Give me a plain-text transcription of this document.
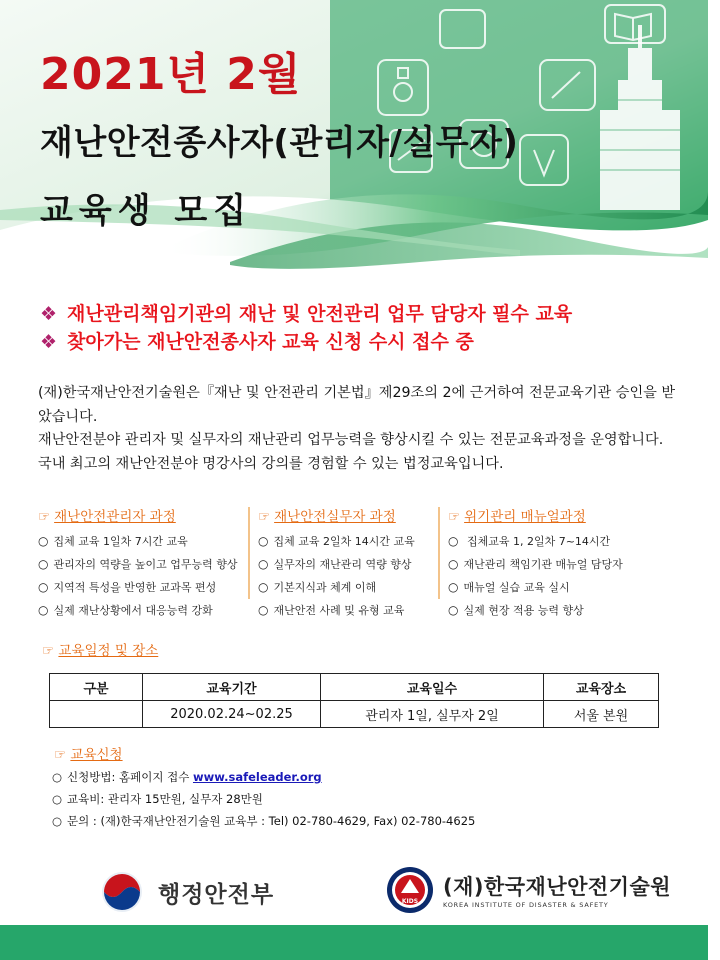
2021년 2월
재난안전종사자(관리자/실무자)
교육생 모집
❖ 재난관리책임기관의 재난 및 안전관리 업무 담당자 필수 교육
❖ 찾아가는 재난안전종사자 교육 신청 수시 접수 중

(재)한국재난안전기술원은『재난 및 안전관리 기본법』제29조의 2에 근거하여 전문교육기관 승인을 받았습니다.

재난안전분야 관리자 및 실무자의 재난관리 업무능력을 향상시킬 수 있는 전문교육과정을 운영합니다. 국내 최고의 재난안전분야 명강사의 강의를 경험할 수 있는 법정교육입니다.

☞ 재난안전관리자 과정
○ 집체 교육 1일차 7시간 교육
○ 관리자의 역량을 높이고 업무능력 향상
○ 지역적 특성을 반영한 교과목 편성
○ 실제 재난상황에서 대응능력 강화
☞ 재난안전실무자 과정
○ 집체 교육 2일차 14시간 교육
○ 실무자의 재난관리 역량 향상
○ 기본지식과 체계 이해
○ 재난안전 사례 및 유형 교육
☞ 위기관리 매뉴얼과정
○ 집체교육 1, 2일차 7~14시간
○ 재난관리 책임기관 매뉴얼 담당자
○ 매뉴얼 실습 교육 실시
○ 실제 현장 적용 능력 향상
☞ 교육일정 및 장소
구분	교육기간	교육일수	교육장소
	2020.02.24~02.25	관리자 1일, 실무자 2일	서울 본원
☞ 교육신청
○ 신청방법: 홈페이지 접수 www.safeleader.org
○ 교육비: 관리자 15만원, 실무자 28만원
○ 문의 : (재)한국재난안전기술원 교육부 : Tel) 02-780-4629, Fax) 02-780-4625
행정안전부	KIDS
(재)한국재난안전기술원
KOREA INSTITUTE OF DISASTER & SAFETY
